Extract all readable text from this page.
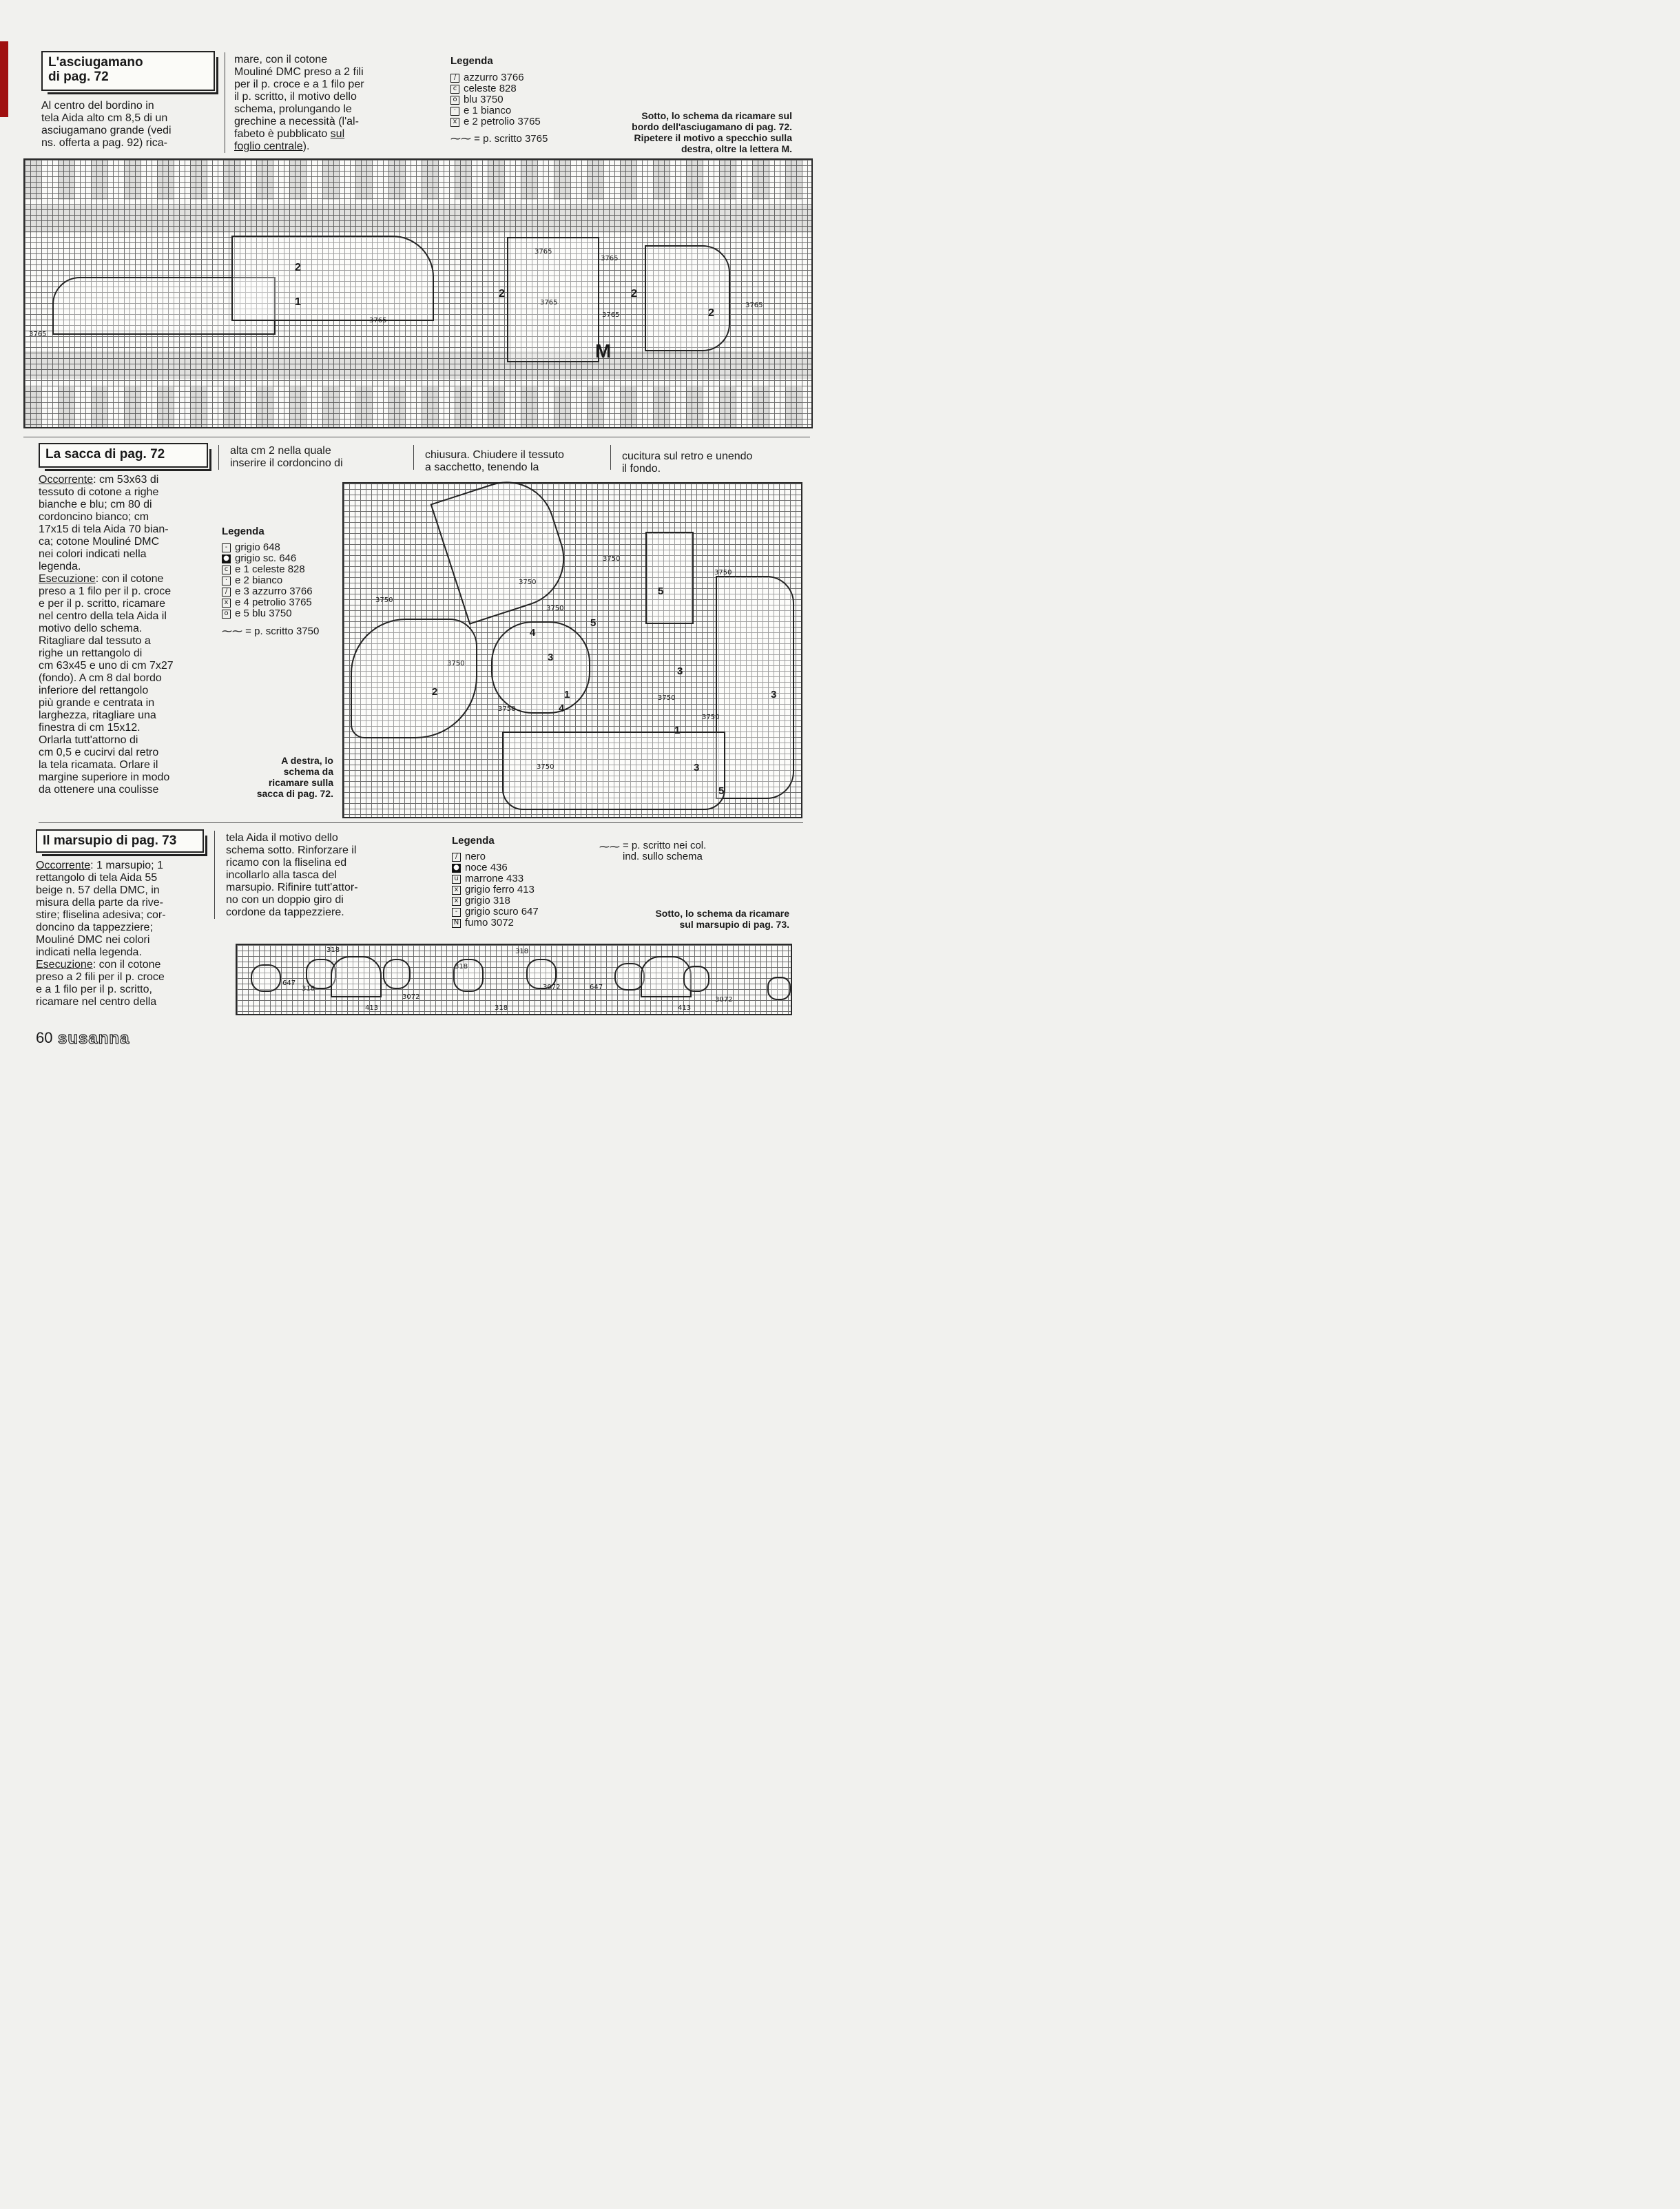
L'asciugamano
di pag. 72
Al centro del bordino in
tela Aida alto cm 8,5 di un
asciugamano grande (vedi
ns. offerta a pag. 92) rica-
mare, con il cotone
Mouliné DMC preso a 2 fili
per il p. croce e a 1 filo per
il p. scritto, il motivo dello
schema, prolungando le
grechine a necessità (l'al-
fabeto è pubblicato sul
foglio centrale).
Legenda
/ azzurro 3766
c celeste 828
o blu 3750
· e 1 bianco
x e 2 petrolio 3765
⁓⁓ = p. scritto 3765
Sotto, lo schema da ricamare sul
bordo dell'asciugamano di pag. 72.
Ripetere il motivo a specchio sulla
destra, oltre la lettera M.
M
3765
3765
3765
3765
3765
3765
3765
2
2	2
2
1
La sacca di pag. 72
Occorrente: cm 53x63 di
tessuto di cotone a righe
bianche e blu; cm 80 di
cordoncino bianco; cm
17x15 di tela Aida 70 bian-
ca; cotone Mouliné DMC
nei colori indicati nella
legenda.
Esecuzione: con il cotone
preso a 1 filo per il p. croce
e per il p. scritto, ricamare
nel centro della tela Aida il
motivo dello schema.
Ritagliare dal tessuto a
righe un rettangolo di
cm 63x45 e uno di cm 7x27
(fondo). A cm 8 dal bordo
inferiore del rettangolo
più grande e centrata in
larghezza, ritagliare una
finestra di cm 15x12.
Orlarla tutt'attorno di
cm 0,5 e cucirvi dal retro
la tela ricamata. Orlare il
margine superiore in modo
da ottenere una coulisse
alta cm 2 nella quale
inserire il cordoncino di
chiusura. Chiudere il tessuto
a sacchetto, tenendo la
cucitura sul retro e unendo
il fondo.
Legenda
- grigio 648
● grigio sc. 646
c e 1 celeste 828
· e 2 bianco
/ e 3 azzurro 3766
x e 4 petrolio 3765
o e 5 blu 3750
⁓⁓ = p. scritto 3750
A destra, lo
schema da
ricamare sulla
sacca di pag. 72.
3750
3750
3750
3750
3750
3750
3750
3750
3750
3750
1
1
2
3
3
3
3
4
4
5
5
5
Il marsupio di pag. 73
Occorrente: 1 marsupio; 1
rettangolo di tela Aida 55
beige n. 57 della DMC, in
misura della parte da rive-
stire; fliselina adesiva; cor-
doncino da tappezziere;
Mouliné DMC nei colori
indicati nella legenda.
Esecuzione: con il cotone
preso a 2 fili per il p. croce
e a 1 filo per il p. scritto,
ricamare nel centro della
tela Aida il motivo dello
schema sotto. Rinforzare il
ricamo con la fliselina ed
incollarlo alla tasca del
marsupio. Rifinire tutt'attor-
no con un doppio giro di
cordone da tappezziere.
Legenda
/ nero
● noce 436
u marrone 433
x grigio ferro 413
x grigio 318
- grigio scuro 647
N fumo 3072
⁓⁓ = p. scritto nei col.
ind. sullo schema
Sotto, lo schema da ricamare
sul marsupio di pag. 73.
318
318
318
318
318
647
647
413	413
3072
3072
3072
60 susanna
